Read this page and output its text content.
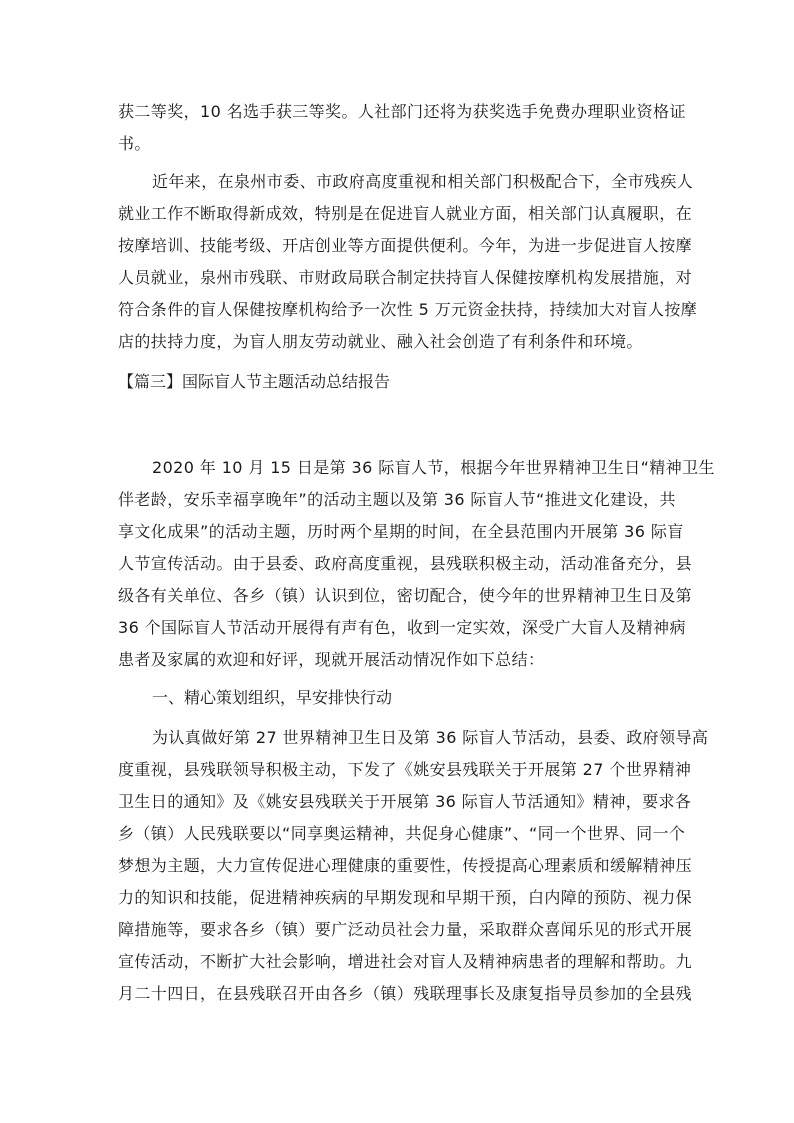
获二等奖，10 名选手获三等奖。人社部门还将为获奖选手免费办理职业资格证
书。
近年来，在泉州市委、市政府高度重视和相关部门积极配合下，全市残疾人
就业工作不断取得新成效，特别是在促进盲人就业方面，相关部门认真履职，在
按摩培训、技能考级、开店创业等方面提供便利。今年，为进一步促进盲人按摩
人员就业，泉州市残联、市财政局联合制定扶持盲人保健按摩机构发展措施，对
符合条件的盲人保健按摩机构给予一次性 5 万元资金扶持，持续加大对盲人按摩
店的扶持力度，为盲人朋友劳动就业、融入社会创造了有利条件和环境。
【篇三】国际盲人节主题活动总结报告
2020 年 10 月 15 日是第 36 际盲人节，根据今年世界精神卫生日“精神卫生
伴老龄，安乐幸福享晚年”的活动主题以及第 36 际盲人节“推进文化建设，共
享文化成果”的活动主题，历时两个星期的时间，在全县范围内开展第 36 际盲
人节宣传活动。由于县委、政府高度重视，县残联积极主动，活动准备充分，县
级各有关单位、各乡（镇）认识到位，密切配合，使今年的世界精神卫生日及第
36 个国际盲人节活动开展得有声有色，收到一定实效，深受广大盲人及精神病
患者及家属的欢迎和好评，现就开展活动情况作如下总结：
一、精心策划组织，早安排快行动
为认真做好第 27 世界精神卫生日及第 36 际盲人节活动，县委、政府领导高
度重视，县残联领导积极主动，下发了《姚安县残联关于开展第 27 个世界精神
卫生日的通知》及《姚安县残联关于开展第 36 际盲人节活通知》精神，要求各
乡（镇）人民残联要以“同享奥运精神，共促身心健康”、“同一个世界、同一个
梦想为主题，大力宣传促进心理健康的重要性，传授提高心理素质和缓解精神压
力的知识和技能，促进精神疾病的早期发现和早期干预，白内障的预防、视力保
障措施等，要求各乡（镇）要广泛动员社会力量，采取群众喜闻乐见的形式开展
宣传活动，不断扩大社会影响，增进社会对盲人及精神病患者的理解和帮助。九
月二十四日，在县残联召开由各乡（镇）残联理事长及康复指导员参加的全县残
